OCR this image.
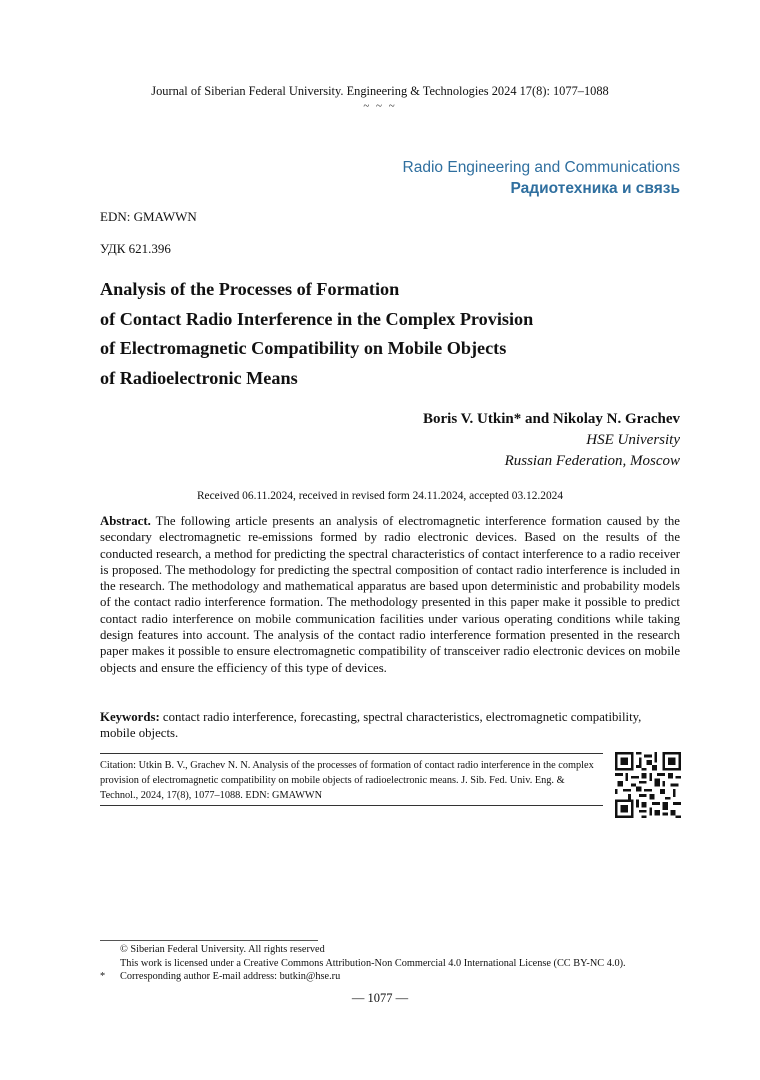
Journal of Siberian Federal University. Engineering & Technologies 2024 17(8): 1077–1088
~ ~ ~
Radio Engineering and Communications
Радиотехника и связь
EDN: GMAWWN
УДК 621.396
Analysis of the Processes of Formation
of Contact Radio Interference in the Complex Provision
of Electromagnetic Compatibility on Mobile Objects
of Radioelectronic Means
Boris V. Utkin* and Nikolay N. Grachev
HSE University
Russian Federation, Moscow
Received 06.11.2024, received in revised form 24.11.2024, accepted 03.12.2024
Abstract. The following article presents an analysis of electromagnetic interference formation caused by the secondary electromagnetic re-emissions formed by radio electronic devices. Based on the results of the conducted research, a method for predicting the spectral characteristics of contact interference to a radio receiver is proposed. The methodology for predicting the spectral composition of contact radio interference is included in the research. The methodology and mathematical apparatus are based upon deterministic and probability models of the contact radio interference formation. The methodology presented in this paper make it possible to predict contact radio interference on mobile communication facilities under various operating conditions while taking design features into account. The analysis of the contact radio interference formation presented in the research paper makes it possible to ensure electromagnetic compatibility of transceiver radio electronic devices on mobile objects and ensure the efficiency of this type of devices.
Keywords: contact radio interference, forecasting, spectral characteristics, electromagnetic compatibility, mobile objects.
Citation: Utkin B. V., Grachev N. N. Analysis of the processes of formation of contact radio interference in the complex provision of electromagnetic compatibility on mobile objects of radioelectronic means. J. Sib. Fed. Univ. Eng. & Technol., 2024, 17(8), 1077–1088. EDN: GMAWWN
© Siberian Federal University. All rights reserved
This work is licensed under a Creative Commons Attribution-Non Commercial 4.0 International License (CC BY-NC 4.0).
* Corresponding author E-mail address: butkin@hse.ru
— 1077 —
